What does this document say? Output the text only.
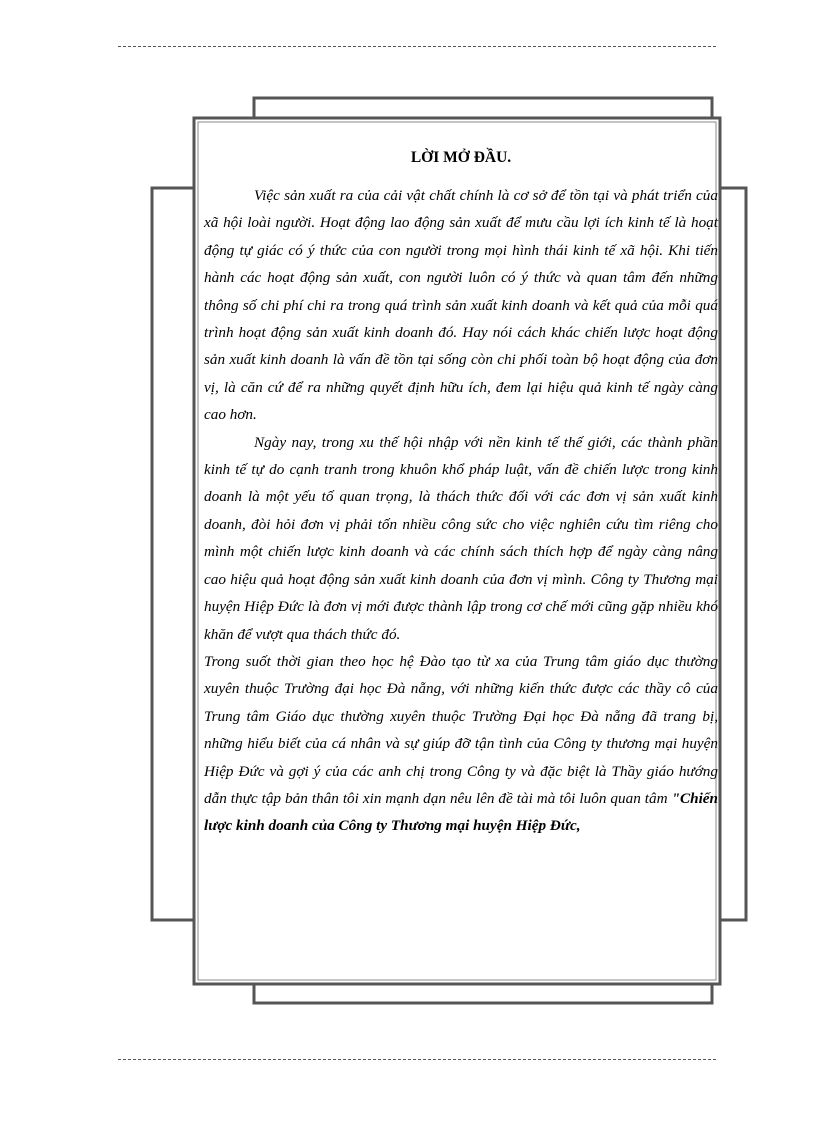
LỜI MỞ ĐẦU.

Việc sản xuất ra của cải vật chất chính là cơ sở để tồn tại và phát triển của xã hội loài người. Hoạt động lao động sản xuất để mưu cầu lợi ích kinh tế là hoạt động tự giác có ý thức của con người trong mọi hình thái kinh tế xã hội. Khi tiến hành các hoạt động sản xuất, con người luôn có ý thức và quan tâm đến những thông số chi phí chi ra trong quá trình sản xuất kinh doanh và kết quả của mỗi quá trình hoạt động sản xuất kinh doanh đó. Hay nói cách khác chiến lược hoạt động sản xuất kinh doanh là vấn đề tồn tại sống còn chi phối toàn bộ hoạt động của đơn vị, là căn cứ để ra những quyết định hữu ích, đem lại hiệu quả kinh tế ngày càng cao hơn.

Ngày nay, trong xu thế hội nhập với nền kinh tế thế giới, các thành phần kinh tế tự do cạnh tranh trong khuôn khổ pháp luật, vấn đề chiến lược trong kinh doanh là một yếu tố quan trọng, là thách thức đối với các đơn vị sản xuất kinh doanh, đòi hỏi đơn vị phải tốn nhiều công sức cho việc nghiên cứu tìm riêng cho mình một chiến lược kinh doanh và các chính sách thích hợp để ngày càng nâng cao hiệu quả hoạt động sản xuất kinh doanh của đơn vị mình. Công ty Thương mại huyện Hiệp Đức là đơn vị mới được thành lập trong cơ chế mới cũng gặp nhiều khó khăn để vượt qua thách thức đó.

Trong suốt thời gian theo học hệ Đào tạo từ xa của Trung tâm giáo dục thường xuyên thuộc Trường đại học Đà nẵng, với những kiến thức được các thầy cô của Trung tâm Giáo dục thường xuyên thuộc Trường Đại học Đà nẵng đã trang bị, những hiểu biết của cá nhân và sự giúp đỡ tận tình của Công ty thương mại huyện Hiệp Đức và gợi ý của các anh chị trong Công ty và đặc biệt là Thầy giáo hướng dẫn thực tập bản thân tôi xin mạnh dạn nêu lên đề tài mà tôi luôn quan tâm "Chiến lược kinh doanh của Công ty Thương mại huyện Hiệp Đức,
